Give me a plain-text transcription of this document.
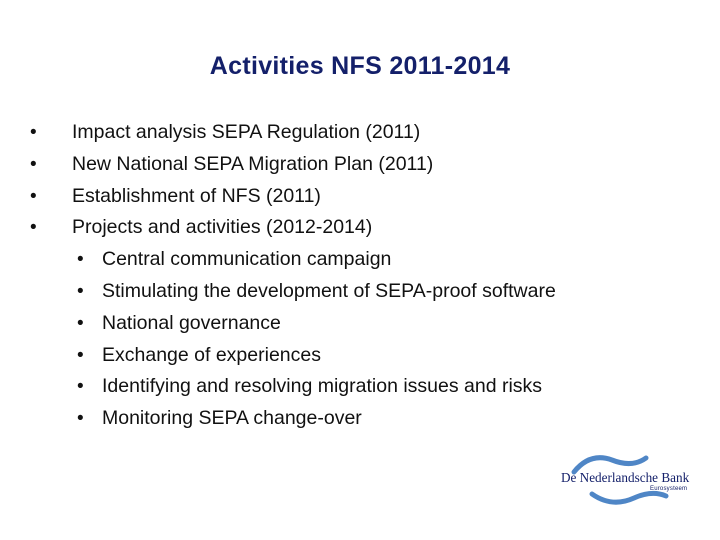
Activities NFS 2011-2014
• Impact analysis SEPA Regulation (2011)
• New National SEPA Migration Plan (2011)
• Establishment of NFS (2011)
• Projects and activities (2012-2014)
• Central communication campaign
• Stimulating the development of SEPA-proof software
• National governance
• Exchange of experiences
• Identifying and resolving migration issues and risks
• Monitoring SEPA change-over
De Nederlandsche Bank
Eurosysteem
